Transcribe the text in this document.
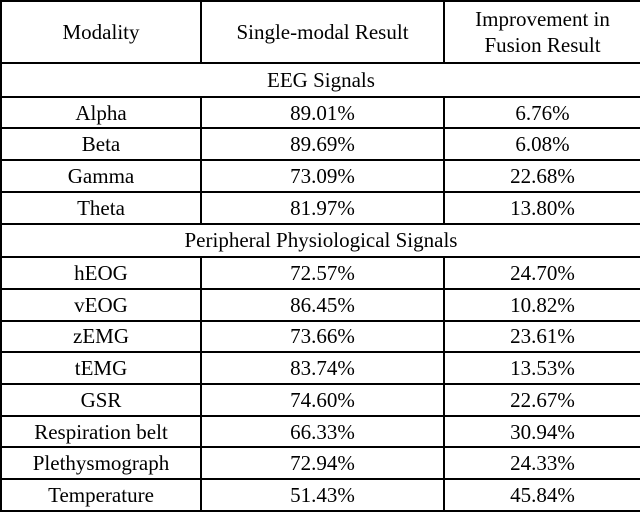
Modality	Single-modal Result	Improvement in Fusion Result
EEG Signals		
Alpha	89.01%	6.76%
Beta	89.69%	6.08%
Gamma	73.09%	22.68%
Theta	81.97%	13.80%
Peripheral Physiological Signals		
hEOG	72.57%	24.70%
vEOG	86.45%	10.82%
zEMG	73.66%	23.61%
tEMG	83.74%	13.53%
GSR	74.60%	22.67%
Respiration belt	66.33%	30.94%
Plethysmograph	72.94%	24.33%
Temperature	51.43%	45.84%
